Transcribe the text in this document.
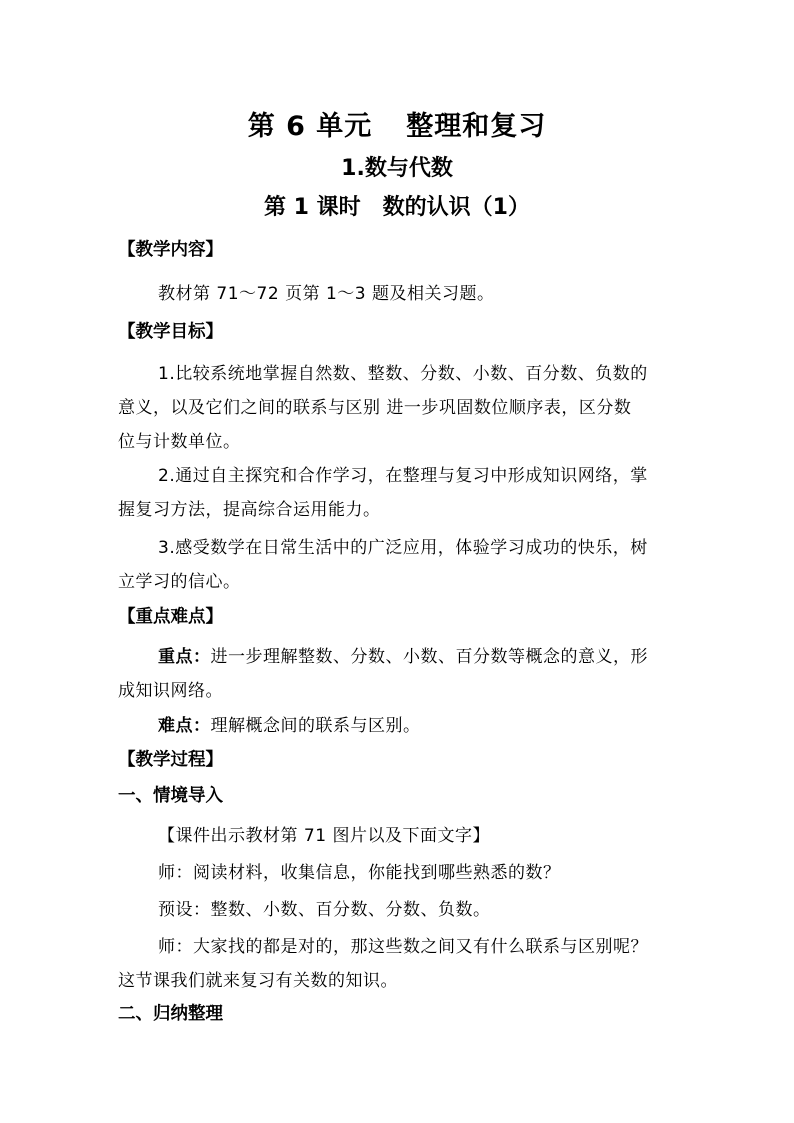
第 6 单元 整理和复习
1.数与代数
第 1 课时 数的认识（1）
【教学内容】
教材第 71～72 页第 1～3 题及相关习题。
【教学目标】
1.比较系统地掌握自然数、整数、分数、小数、百分数、负数的
意义，以及它们之间的联系与区别 进一步巩固数位顺序表，区分数
位与计数单位。
2.通过自主探究和合作学习，在整理与复习中形成知识网络，掌
握复习方法，提高综合运用能力。
3.感受数学在日常生活中的广泛应用，体验学习成功的快乐，树
立学习的信心。
【重点难点】
重点：进一步理解整数、分数、小数、百分数等概念的意义，形
成知识网络。
难点：理解概念间的联系与区别。
【教学过程】
一、情境导入
【课件出示教材第 71 图片以及下面文字】
师：阅读材料，收集信息，你能找到哪些熟悉的数？
预设：整数、小数、百分数、分数、负数。
师：大家找的都是对的，那这些数之间又有什么联系与区别呢？
这节课我们就来复习有关数的知识。
二、归纳整理
